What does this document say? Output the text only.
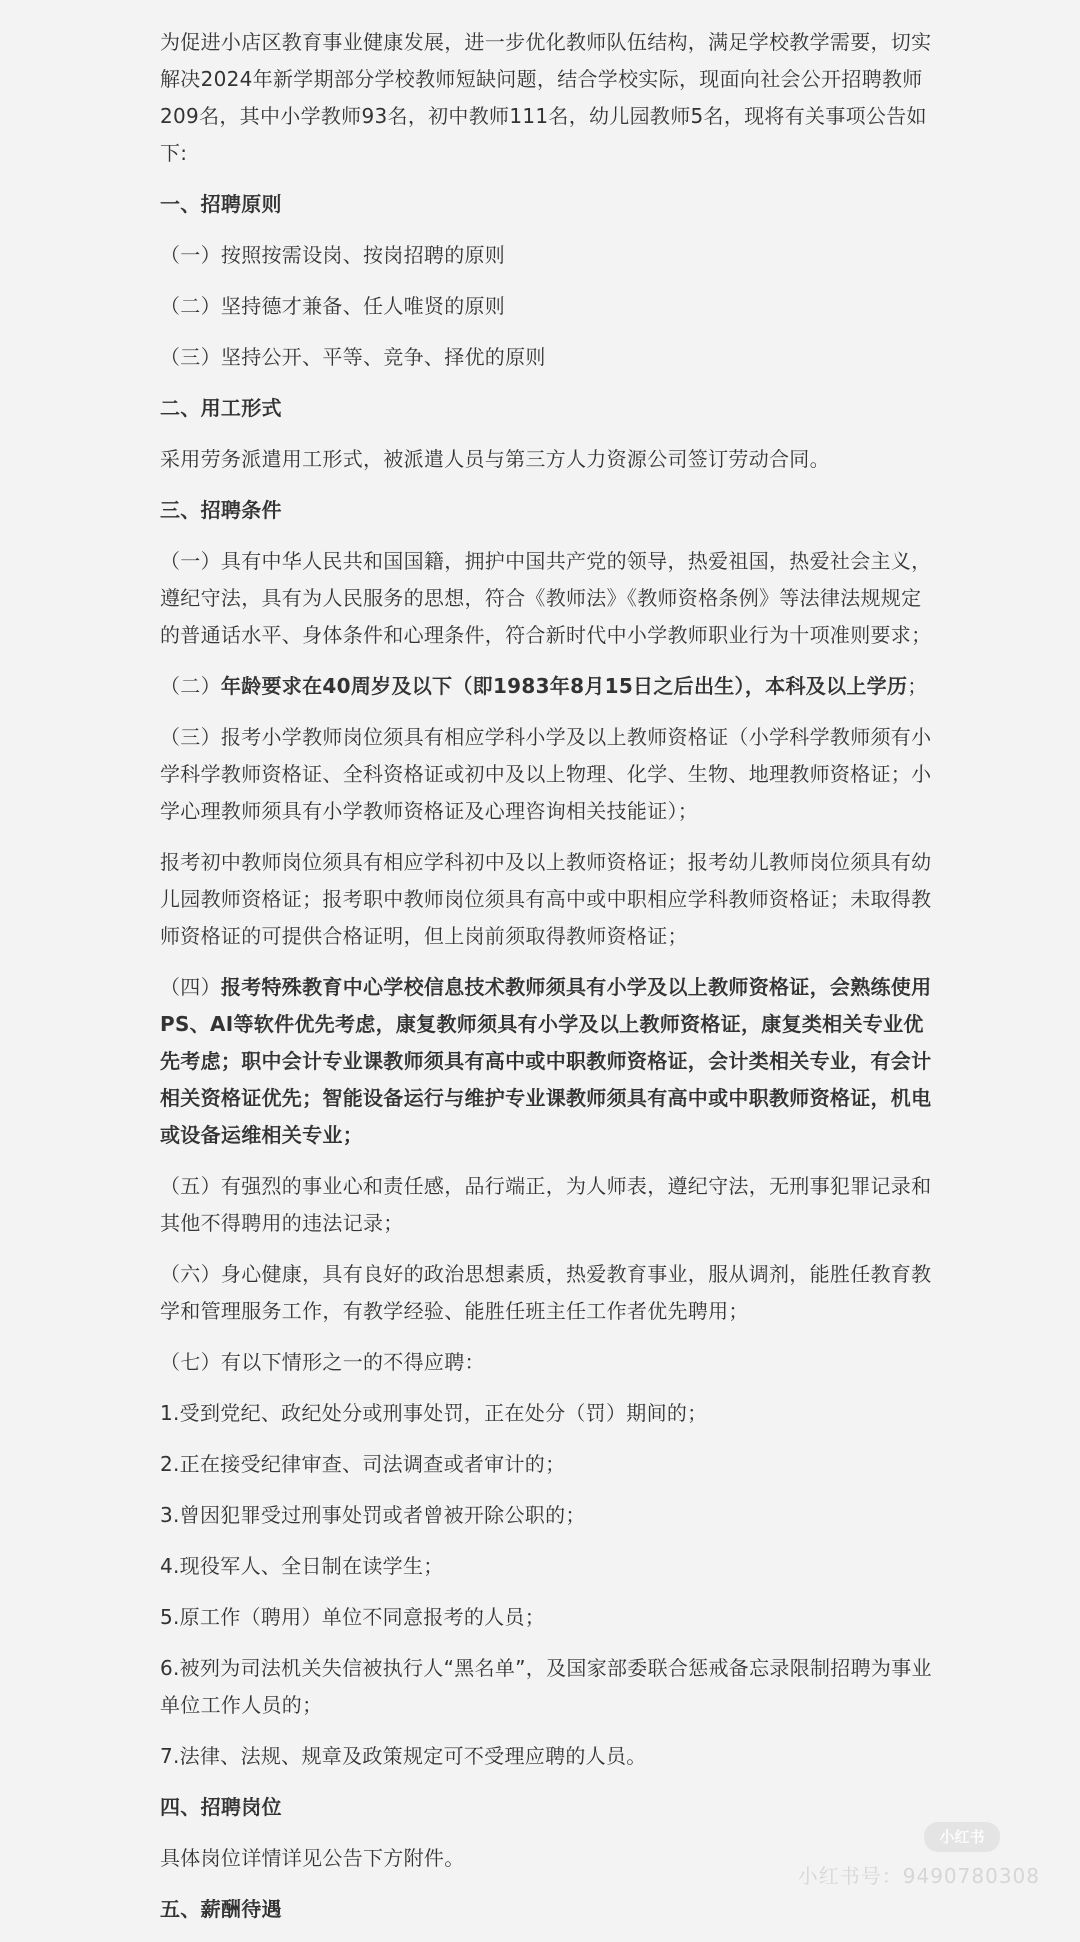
为促进小店区教育事业健康发展，进一步优化教师队伍结构，满足学校教学需要，切实解决2024年新学期部分学校教师短缺问题，结合学校实际，现面向社会公开招聘教师209名，其中小学教师93名，初中教师111名，幼儿园教师5名，现将有关事项公告如下:

一、招聘原则

（一）按照按需设岗、按岗招聘的原则

（二）坚持德才兼备、任人唯贤的原则

（三）坚持公开、平等、竞争、择优的原则

二、用工形式

采用劳务派遣用工形式，被派遣人员与第三方人力资源公司签订劳动合同。

三、招聘条件

（一）具有中华人民共和国国籍，拥护中国共产党的领导，热爱祖国，热爱社会主义，遵纪守法，具有为人民服务的思想，符合《教师法》《教师资格条例》等法律法规规定的普通话水平、身体条件和心理条件，符合新时代中小学教师职业行为十项准则要求；

（二）年龄要求在40周岁及以下（即1983年8月15日之后出生），本科及以上学历；

（三）报考小学教师岗位须具有相应学科小学及以上教师资格证（小学科学教师须有小学科学教师资格证、全科资格证或初中及以上物理、化学、生物、地理教师资格证；小学心理教师须具有小学教师资格证及心理咨询相关技能证）；

报考初中教师岗位须具有相应学科初中及以上教师资格证；报考幼儿教师岗位须具有幼儿园教师资格证；报考职中教师岗位须具有高中或中职相应学科教师资格证；未取得教师资格证的可提供合格证明，但上岗前须取得教师资格证；

（四）报考特殊教育中心学校信息技术教师须具有小学及以上教师资格证，会熟练使用PS、AI等软件优先考虑，康复教师须具有小学及以上教师资格证，康复类相关专业优先考虑；职中会计专业课教师须具有高中或中职教师资格证，会计类相关专业，有会计相关资格证优先；智能设备运行与维护专业课教师须具有高中或中职教师资格证，机电或设备运维相关专业；

（五）有强烈的事业心和责任感，品行端正，为人师表，遵纪守法，无刑事犯罪记录和其他不得聘用的违法记录；

（六）身心健康，具有良好的政治思想素质，热爱教育事业，服从调剂，能胜任教育教学和管理服务工作，有教学经验、能胜任班主任工作者优先聘用；

（七）有以下情形之一的不得应聘：

1.受到党纪、政纪处分或刑事处罚，正在处分（罚）期间的；

2.正在接受纪律审查、司法调查或者审计的；

3.曾因犯罪受过刑事处罚或者曾被开除公职的；

4.现役军人、全日制在读学生；

5.原工作（聘用）单位不同意报考的人员；

6.被列为司法机关失信被执行人“黑名单”，及国家部委联合惩戒备忘录限制招聘为事业单位工作人员的；

7.法律、法规、规章及政策规定可不受理应聘的人员。

四、招聘岗位

具体岗位详情详见公告下方附件。

五、薪酬待遇

小红书
小红书号：9490780308
